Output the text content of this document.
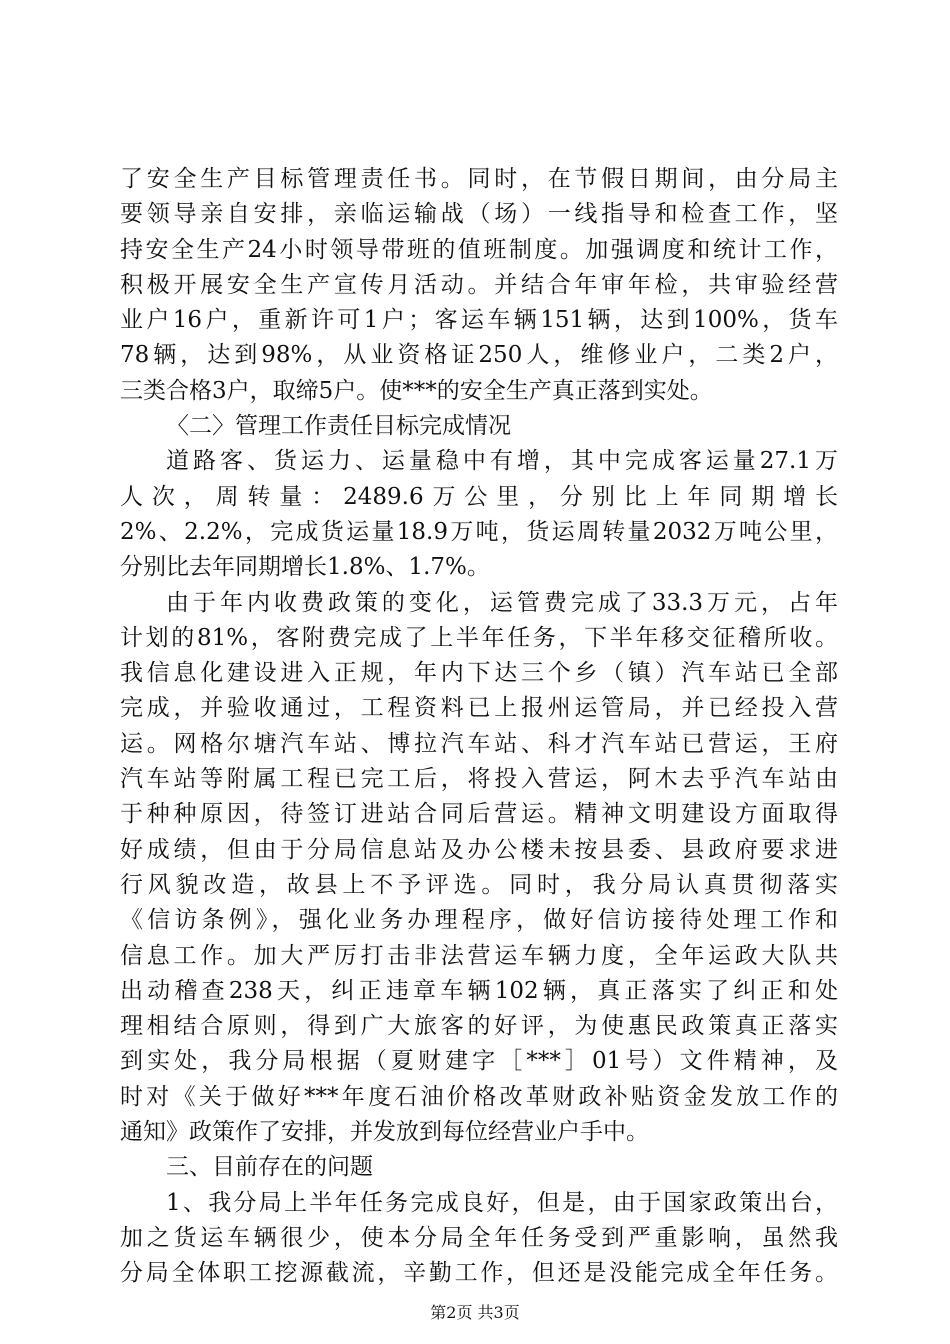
了安全生产目标管理责任书。同时，在节假日期间，由分局主
要领导亲自安排，亲临运输战（场）一线指导和检查工作，坚
持安全生产24小时领导带班的值班制度。加强调度和统计工作，
积极开展安全生产宣传月活动。并结合年审年检，共审验经营
业户16户，重新许可1户；客运车辆151辆，达到100%，货车
78辆，达到98%，从业资格证250人，维修业户，二类2户，
三类合格3户，取缔5户。使***的安全生产真正落到实处。
〈二〉管理工作责任目标完成情况
道路客、货运力、运量稳中有增，其中完成客运量27.1万
人次，周转量：2489.6万公里，分别比上年同期增长
2%、2.2%，完成货运量18.9万吨，货运周转量2032万吨公里，
分别比去年同期增长1.8%、1.7%。
由于年内收费政策的变化，运管费完成了33.3万元，占年
计划的81%，客附费完成了上半年任务，下半年移交征稽所收。
我信息化建设进入正规，年内下达三个乡（镇）汽车站已全部
完成，并验收通过，工程资料已上报州运管局，并已经投入营
运。网格尔塘汽车站、博拉汽车站、科才汽车站已营运，王府
汽车站等附属工程已完工后，将投入营运，阿木去乎汽车站由
于种种原因，待签订进站合同后营运。精神文明建设方面取得
好成绩，但由于分局信息站及办公楼未按县委、县政府要求进
行风貌改造，故县上不予评选。同时，我分局认真贯彻落实
《信访条例》，强化业务办理程序，做好信访接待处理工作和
信息工作。加大严厉打击非法营运车辆力度，全年运政大队共
出动稽查238天，纠正违章车辆102辆，真正落实了纠正和处
理相结合原则，得到广大旅客的好评，为使惠民政策真正落实
到实处，我分局根据（夏财建字［***］01号）文件精神，及
时对《关于做好***年度石油价格改革财政补贴资金发放工作的
通知》政策作了安排，并发放到每位经营业户手中。
三、目前存在的问题
1、我分局上半年任务完成良好，但是，由于国家政策出台，
加之货运车辆很少，使本分局全年任务受到严重影响，虽然我
分局全体职工挖源截流，辛勤工作，但还是没能完成全年任务。
第2页 共3页
